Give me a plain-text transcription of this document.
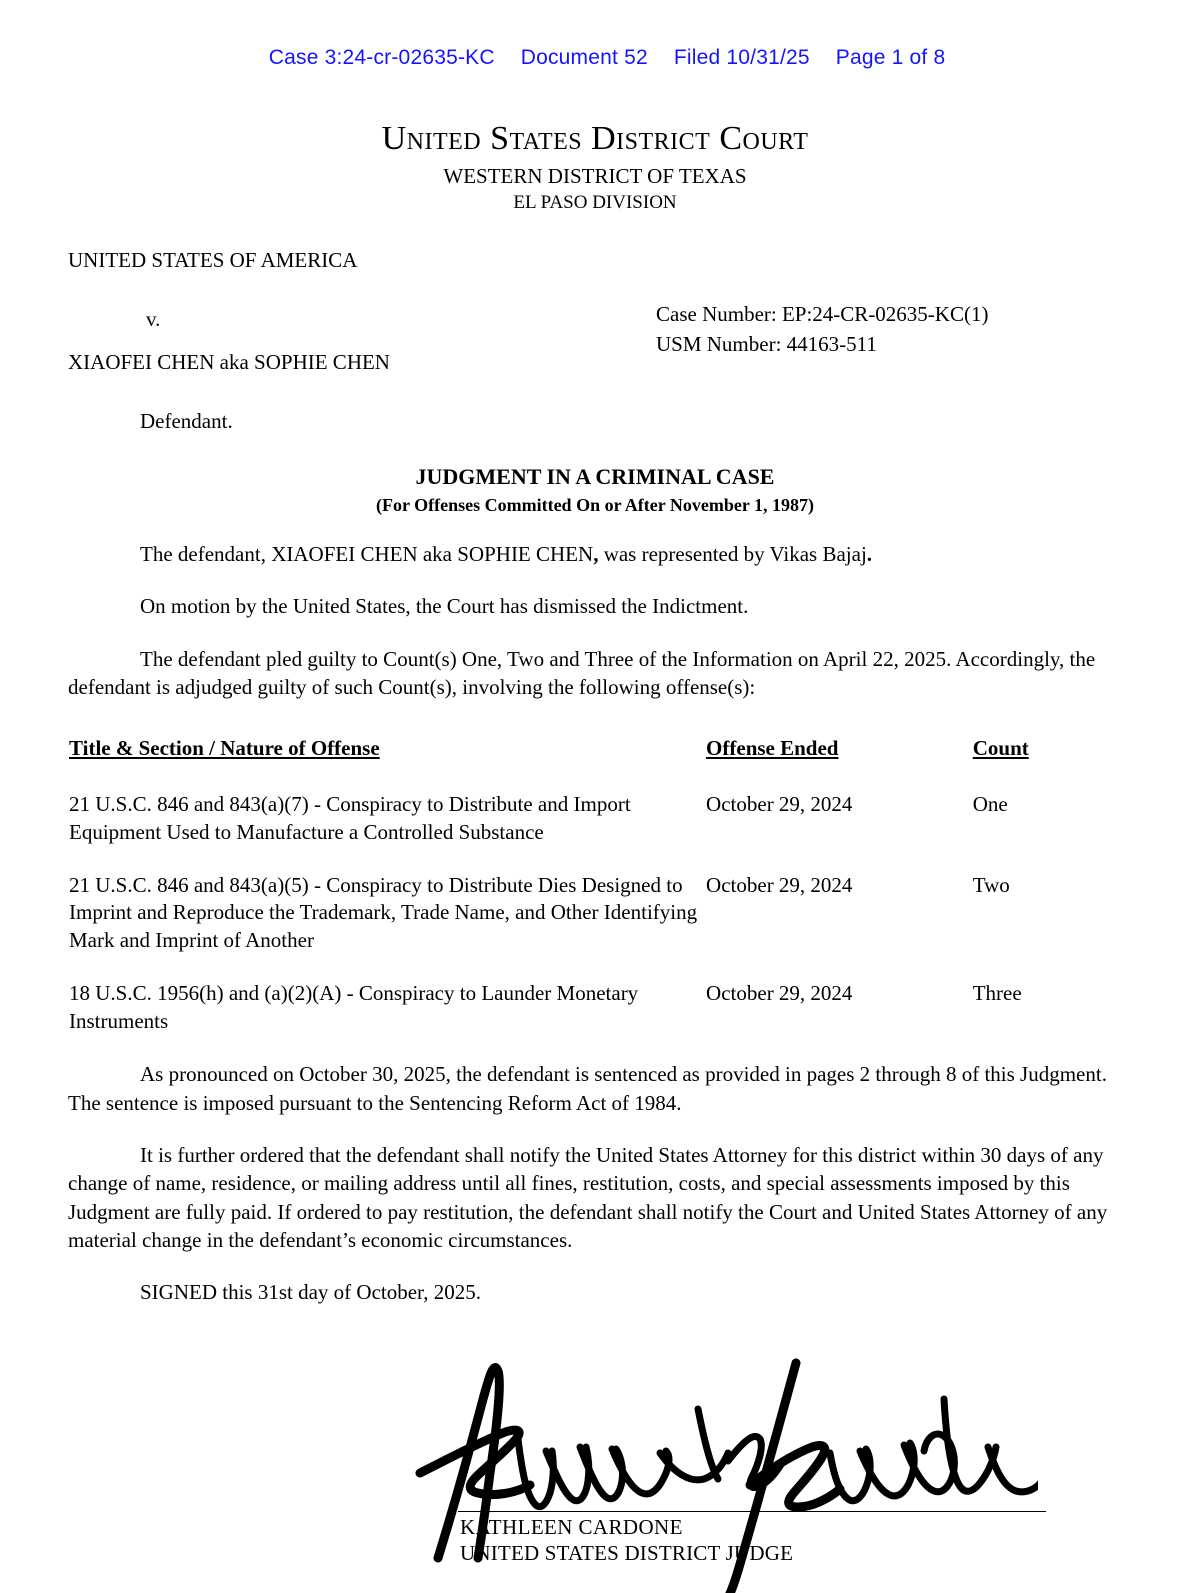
Case 3:24-cr-02635-KC Document 52 Filed 10/31/25 Page 1 of 8

United States District Court
WESTERN DISTRICT OF TEXAS
EL PASO DIVISION
UNITED STATES OF AMERICA
v.
XIAOFEI CHEN aka SOPHIE CHEN
Defendant.
Case Number: EP:24-CR-02635-KC(1)
USM Number: 44163-511
JUDGMENT IN A CRIMINAL CASE
(For Offenses Committed On or After November 1, 1987)

The defendant, XIAOFEI CHEN aka SOPHIE CHEN, was represented by Vikas Bajaj.

On motion by the United States, the Court has dismissed the Indictment.

The defendant pled guilty to Count(s) One, Two and Three of the Information on April 22, 2025. Accordingly, the defendant is adjudged guilty of such Count(s), involving the following offense(s):

Title & Section / Nature of Offense	Offense Ended	Count
21 U.S.C. 846 and 843(a)(7) - Conspiracy to Distribute and Import Equipment Used to Manufacture a Controlled Substance	October 29, 2024	One
21 U.S.C. 846 and 843(a)(5) - Conspiracy to Distribute Dies Designed to Imprint and Reproduce the Trademark, Trade Name, and Other Identifying Mark and Imprint of Another	October 29, 2024	Two
18 U.S.C. 1956(h) and (a)(2)(A) - Conspiracy to Launder Monetary Instruments	October 29, 2024	Three

As pronounced on October 30, 2025, the defendant is sentenced as provided in pages 2 through 8 of this Judgment. The sentence is imposed pursuant to the Sentencing Reform Act of 1984.

It is further ordered that the defendant shall notify the United States Attorney for this district within 30 days of any change of name, residence, or mailing address until all fines, restitution, costs, and special assessments imposed by this Judgment are fully paid. If ordered to pay restitution, the defendant shall notify the Court and United States Attorney of any material change in the defendant’s economic circumstances.

SIGNED this 31st day of October, 2025.

KATHLEEN CARDONE
UNITED STATES DISTRICT JUDGE
